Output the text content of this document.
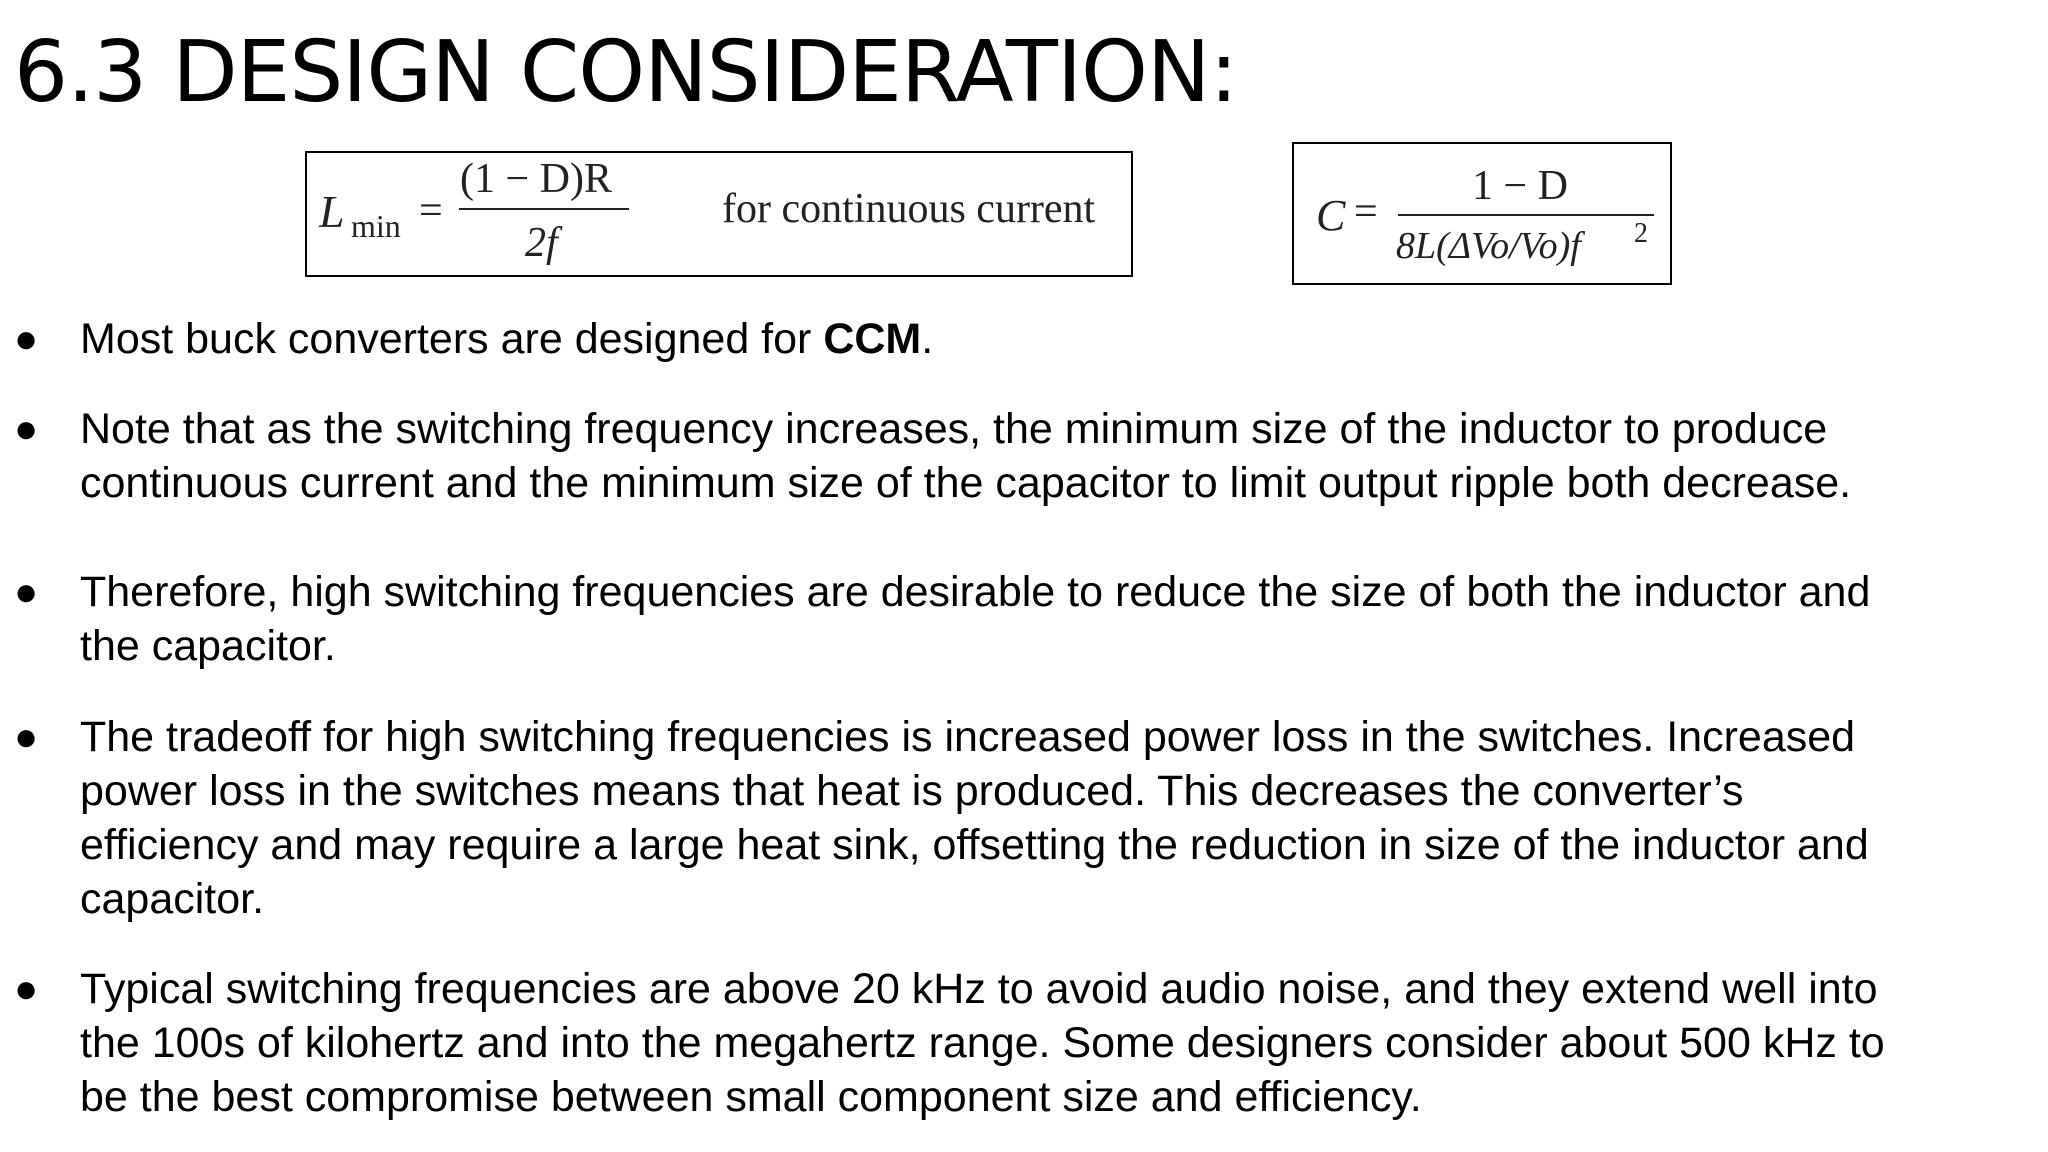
6.3 DESIGN CONSIDERATION:
L min =
(1 − D)R
2f
for continuous current	C =
1 − D
8L(ΔVo/Vo)f 2
● Most buck converters are designed for CCM.
● Note that as the switching frequency increases, the minimum size of the inductor to produce
continuous current and the minimum size of the capacitor to limit output ripple both decrease.
● Therefore, high switching frequencies are desirable to reduce the size of both the inductor and
the capacitor.
● The tradeoff for high switching frequencies is increased power loss in the switches. Increased
power loss in the switches means that heat is produced. This decreases the converter’s
efficiency and may require a large heat sink, offsetting the reduction in size of the inductor and
capacitor.
● Typical switching frequencies are above 20 kHz to avoid audio noise, and they extend well into
the 100s of kilohertz and into the megahertz range. Some designers consider about 500 kHz to
be the best compromise between small component size and efficiency.
